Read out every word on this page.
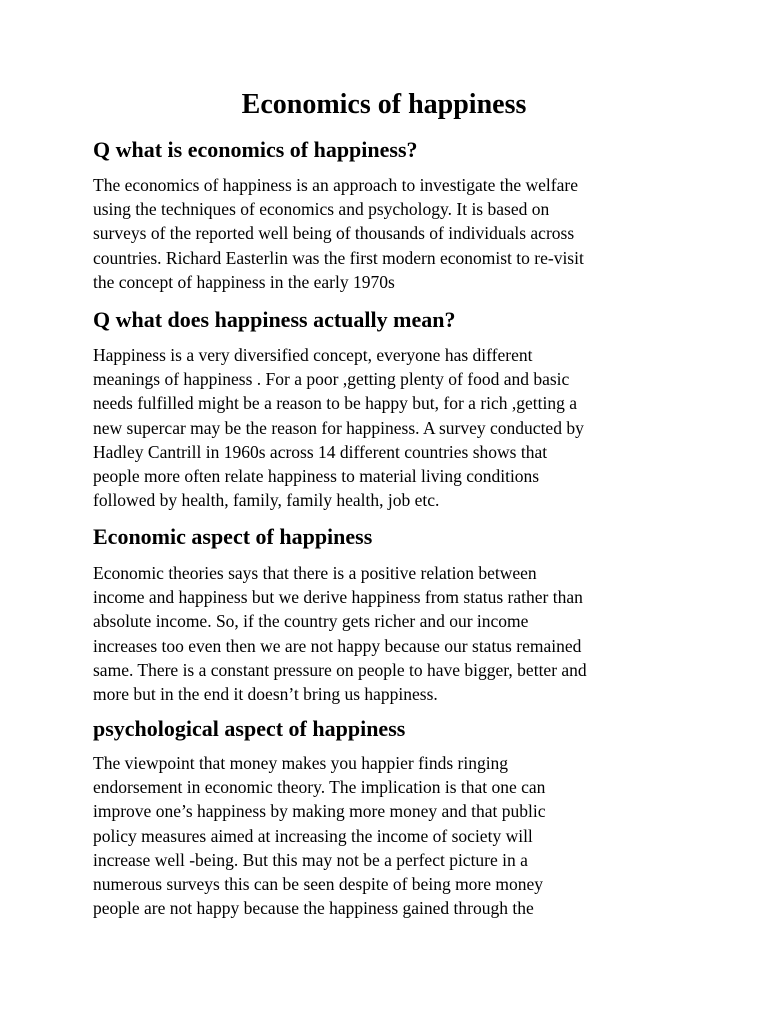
Economics of happiness
Q what is economics of happiness?

The economics of happiness is an approach to investigate the welfare
using the techniques of economics and psychology. It is based on
surveys of the reported well being of thousands of individuals across
countries. Richard Easterlin was the first modern economist to re-visit
the concept of happiness in the early 1970s

Q what does happiness actually mean?

Happiness is a very diversified concept, everyone has different
meanings of happiness . For a poor ,getting plenty of food and basic
needs fulfilled might be a reason to be happy but, for a rich ,getting a
new supercar may be the reason for happiness. A survey conducted by
Hadley Cantrill in 1960s across 14 different countries shows that
people more often relate happiness to material living conditions
followed by health, family, family health, job etc.

Economic aspect of happiness

Economic theories says that there is a positive relation between
income and happiness but we derive happiness from status rather than
absolute income. So, if the country gets richer and our income
increases too even then we are not happy because our status remained
same. There is a constant pressure on people to have bigger, better and
more but in the end it doesn’t bring us happiness.

psychological aspect of happiness

The viewpoint that money makes you happier finds ringing
endorsement in economic theory. The implication is that one can
improve one’s happiness by making more money and that public
policy measures aimed at increasing the income of society will
increase well -being. But this may not be a perfect picture in a
numerous surveys this can be seen despite of being more money
people are not happy because the happiness gained through the
